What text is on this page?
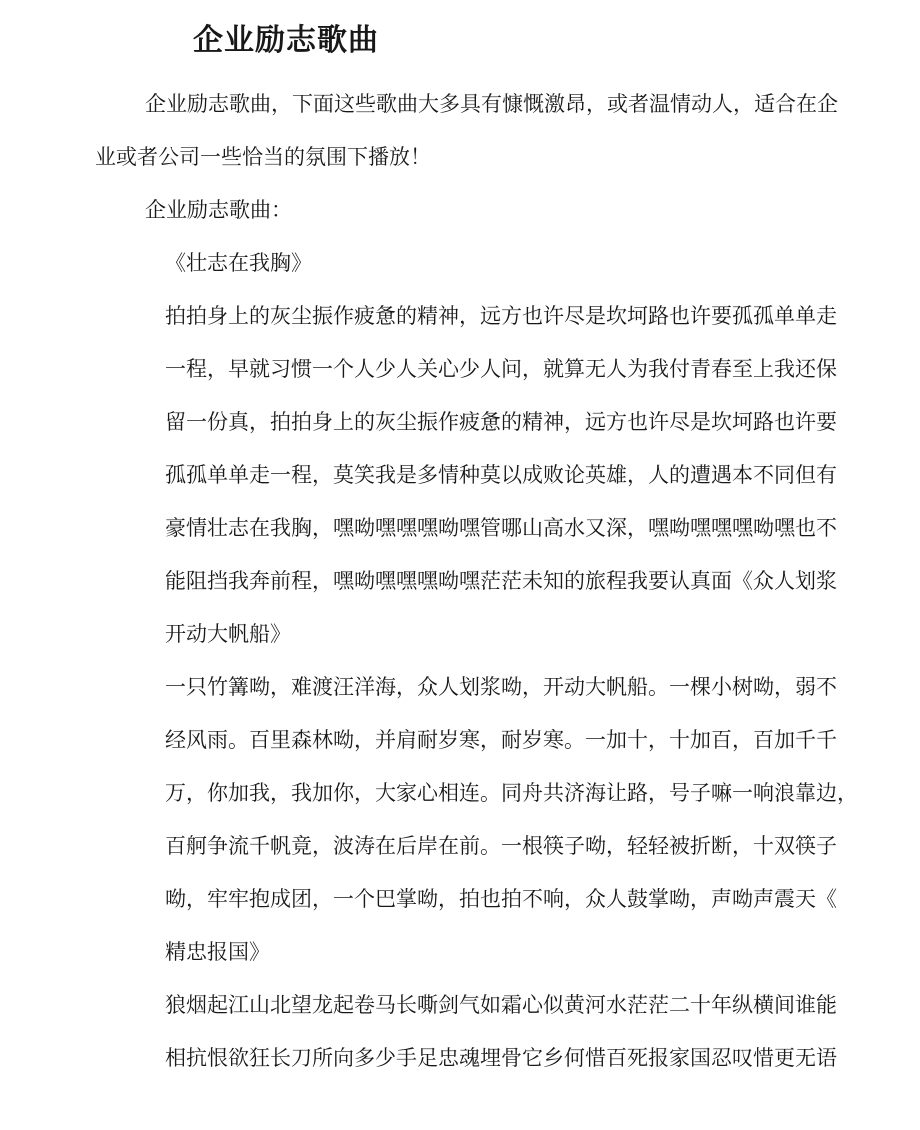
企业励志歌曲
企业励志歌曲，下面这些歌曲大多具有慷慨激昂，或者温情动人，适合在企
业或者公司一些恰当的氛围下播放！
企业励志歌曲：
《壮志在我胸》
拍拍身上的灰尘振作疲惫的精神，远方也许尽是坎坷路也许要孤孤单单走
一程，早就习惯一个人少人关心少人问，就算无人为我付青春至上我还保
留一份真，拍拍身上的灰尘振作疲惫的精神，远方也许尽是坎坷路也许要
孤孤单单走一程，莫笑我是多情种莫以成败论英雄，人的遭遇本不同但有
豪情壮志在我胸，嘿呦嘿嘿嘿呦嘿管哪山高水又深，嘿呦嘿嘿嘿呦嘿也不
能阻挡我奔前程，嘿呦嘿嘿嘿呦嘿茫茫未知的旅程我要认真面《众人划浆
开动大帆船》
一只竹篝呦，难渡汪洋海，众人划浆呦，开动大帆船。一棵小树呦，弱不
经风雨。百里森林呦，并肩耐岁寒，耐岁寒。一加十，十加百，百加千千
万，你加我，我加你，大家心相连。同舟共济海让路，号子嘛一响浪靠边，
百舸争流千帆竟，波涛在后岸在前。一根筷子呦，轻轻被折断，十双筷子
呦，牢牢抱成团，一个巴掌呦，拍也拍不响，众人鼓掌呦，声呦声震天《
精忠报国》
狼烟起江山北望龙起卷马长嘶剑气如霜心似黄河水茫茫二十年纵横间谁能
相抗恨欲狂长刀所向多少手足忠魂埋骨它乡何惜百死报家国忍叹惜更无语
